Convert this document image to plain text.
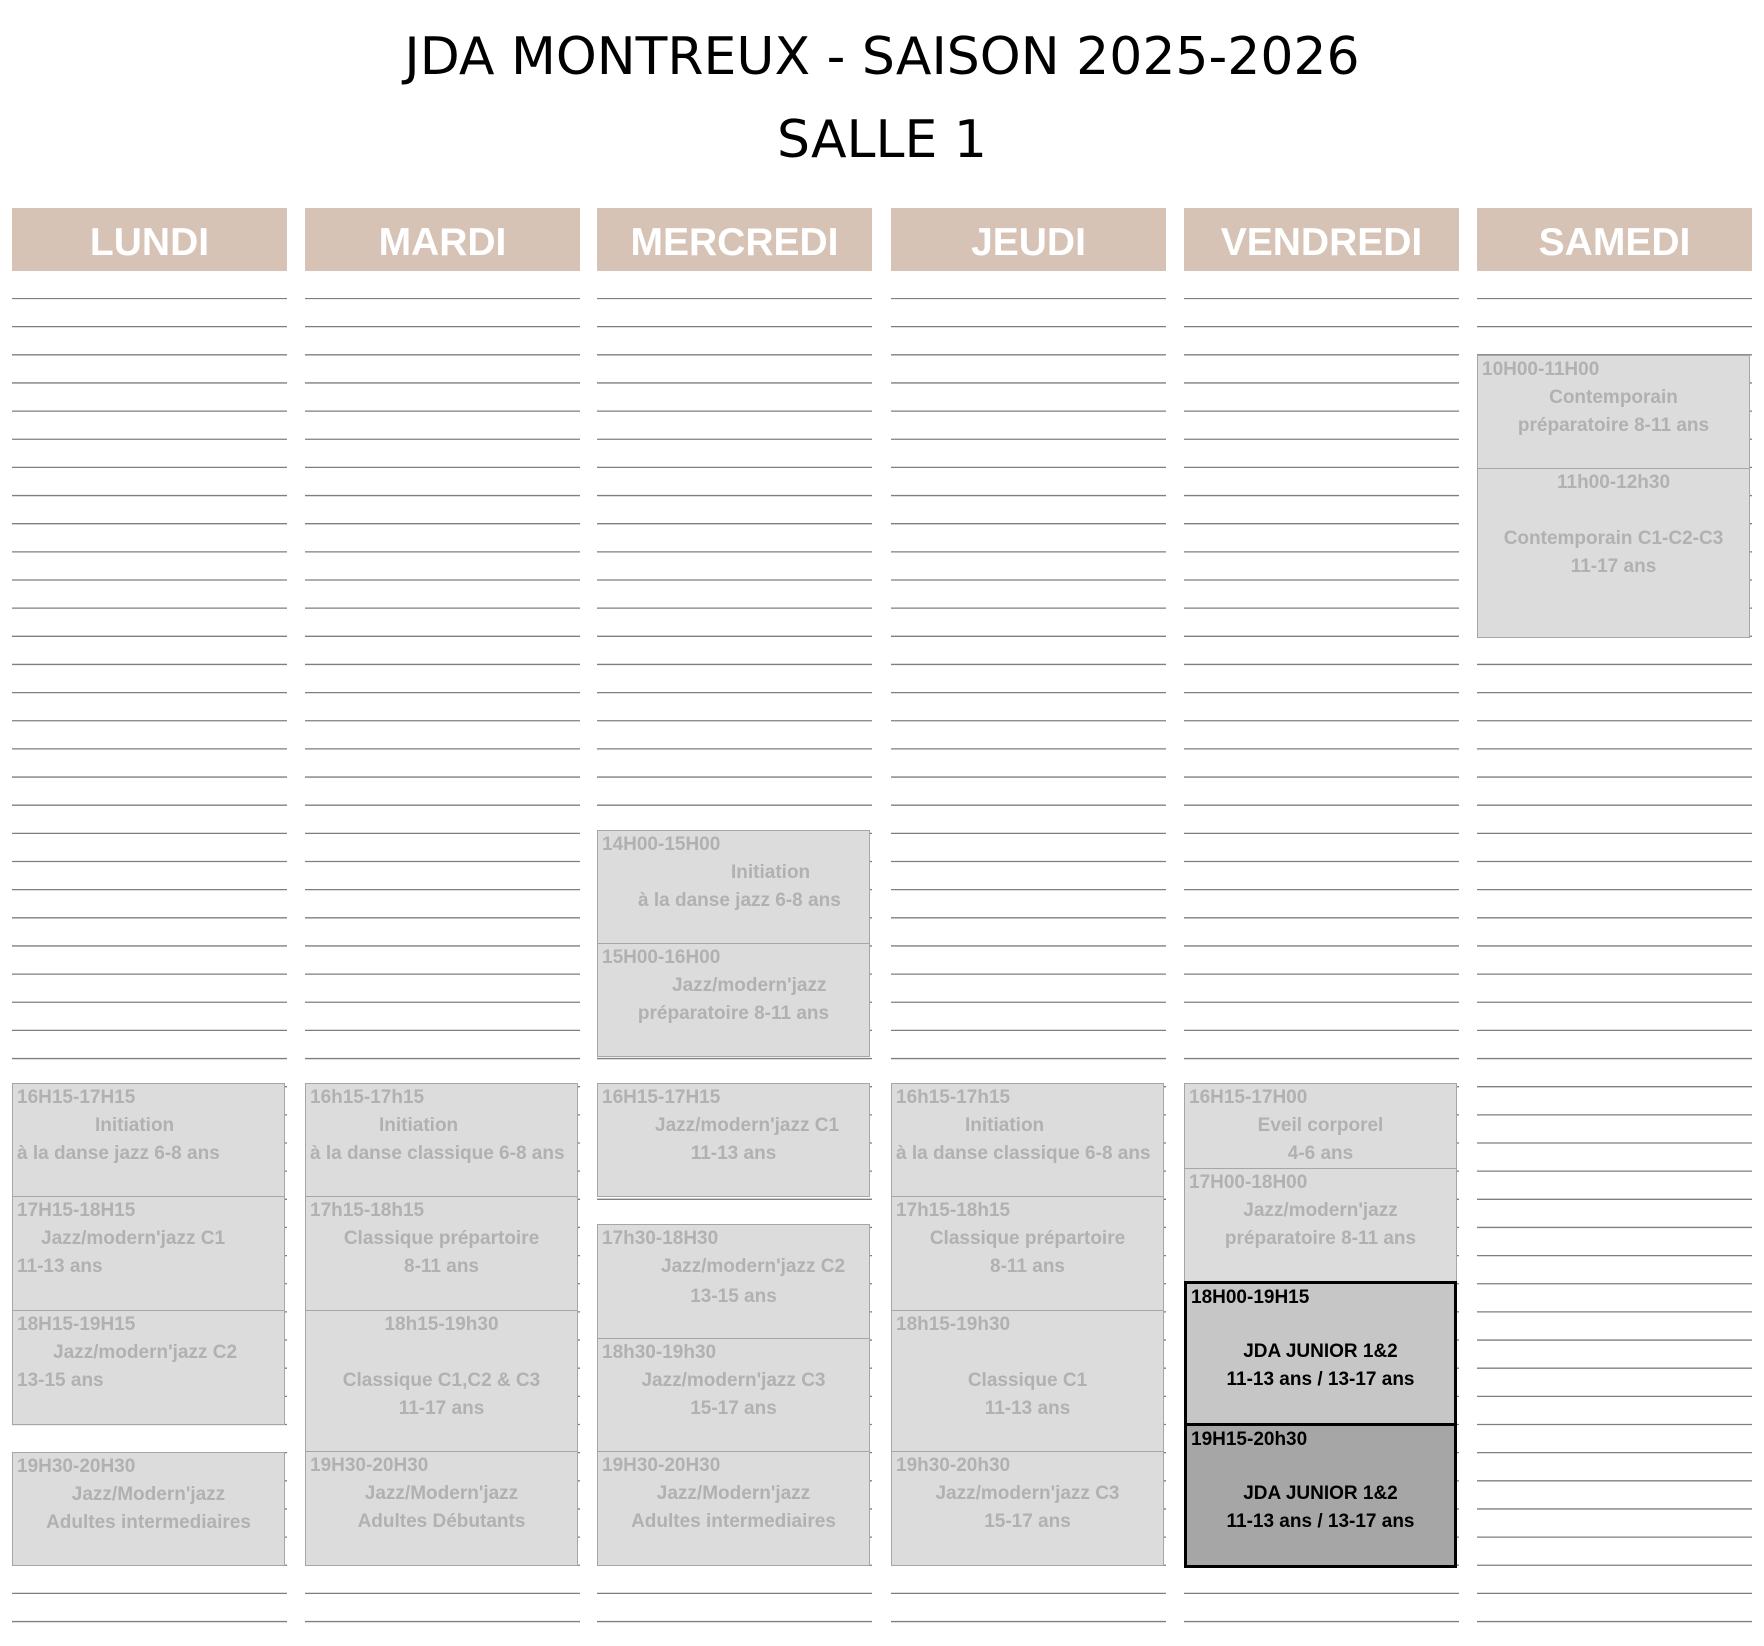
JDA MONTREUX - SAISON 2025-2026
SALLE 1
LUNDI
16H15-17H15
Initiation
à la danse jazz 6-8 ans
17H15-18H15
Jazz/modern'jazz C1
11-13 ans
18H15-19H15
Jazz/modern'jazz C2
13-15 ans
19H30-20H30
Jazz/Modern'jazz
Adultes intermediaires
MARDI
16h15-17h15
Initiation
à la danse classique 6-8 ans
17h15-18h15
Classique prépartoire
8-11 ans
18h15-19h30
Classique C1,C2 & C3
11-17 ans
19H30-20H30
Jazz/Modern'jazz
Adultes Débutants
MERCREDI
14H00-15H00
Initiation
à la danse jazz 6-8 ans
15H00-16H00
Jazz/modern'jazz
préparatoire 8-11 ans
16H15-17H15
Jazz/modern'jazz C1
11-13 ans
17h30-18H30
Jazz/modern'jazz C2
13-15 ans
18h30-19h30
Jazz/modern'jazz C3
15-17 ans
19H30-20H30
Jazz/Modern'jazz
Adultes intermediaires
JEUDI
16h15-17h15
Initiation
à la danse classique 6-8 ans
17h15-18h15
Classique prépartoire
8-11 ans
18h15-19h30
Classique C1
11-13 ans
19h30-20h30
Jazz/modern'jazz C3
15-17 ans
VENDREDI
16H15-17H00
Eveil corporel
4-6 ans
17H00-18H00
Jazz/modern'jazz
préparatoire 8-11 ans
18H00-19H15
JDA JUNIOR 1&2
11-13 ans / 13-17 ans
19H15-20h30
JDA JUNIOR 1&2
11-13 ans / 13-17 ans
SAMEDI
10H00-11H00
Contemporain
préparatoire 8-11 ans
11h00-12h30
Contemporain C1-C2-C3
11-17 ans
